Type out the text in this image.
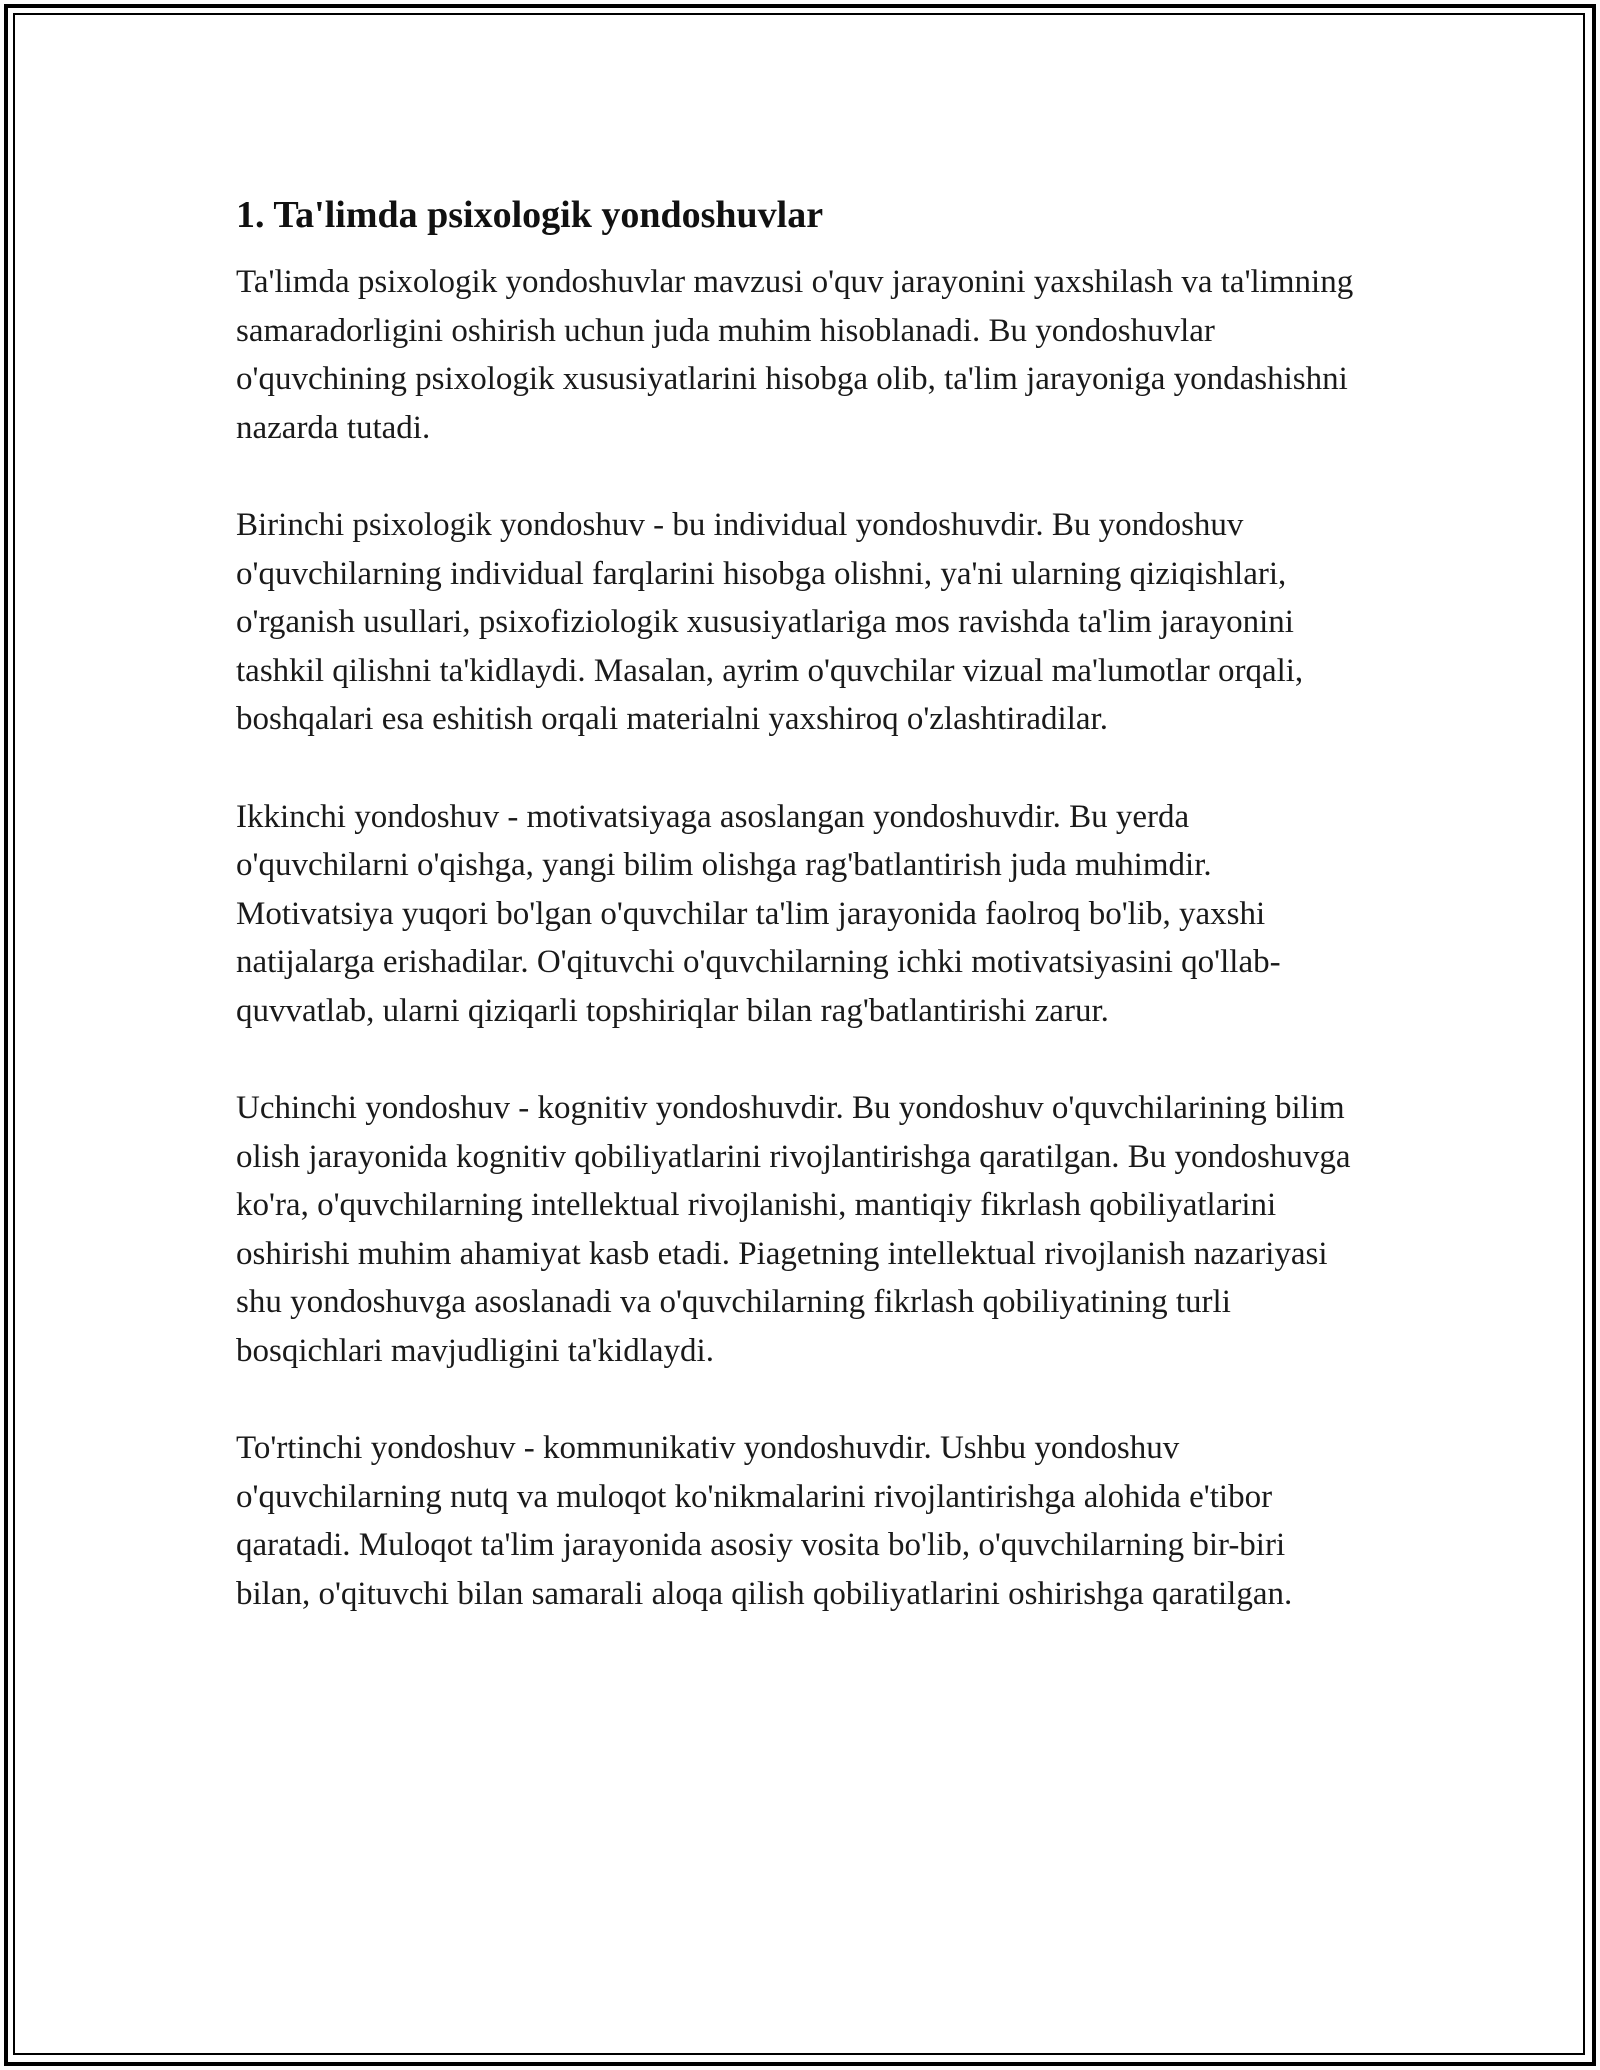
1. Ta'limda psixologik yondoshuvlar

Ta'limda psixologik yondoshuvlar mavzusi o'quv jarayonini yaxshilash va ta'limning samaradorligini oshirish uchun juda muhim hisoblanadi. Bu yondoshuvlar o'quvchining psixologik xususiyatlarini hisobga olib, ta'lim jarayoniga yondashishni nazarda tutadi.

Birinchi psixologik yondoshuv - bu individual yondoshuvdir. Bu yondoshuv o'quvchilarning individual farqlarini hisobga olishni, ya'ni ularning qiziqishlari, o'rganish usullari, psixofiziologik xususiyatlariga mos ravishda ta'lim jarayonini tashkil qilishni ta'kidlaydi. Masalan, ayrim o'quvchilar vizual ma'lumotlar orqali, boshqalari esa eshitish orqali materialni yaxshiroq o'zlashtiradilar.

Ikkinchi yondoshuv - motivatsiyaga asoslangan yondoshuvdir. Bu yerda o'quvchilarni o'qishga, yangi bilim olishga rag'batlantirish juda muhimdir. Motivatsiya yuqori bo'lgan o'quvchilar ta'lim jarayonida faolroq bo'lib, yaxshi natijalarga erishadilar. O'qituvchi o'quvchilarning ichki motivatsiyasini qo'llab-quvvatlab, ularni qiziqarli topshiriqlar bilan rag'batlantirishi zarur.

Uchinchi yondoshuv - kognitiv yondoshuvdir. Bu yondoshuv o'quvchilarining bilim olish jarayonida kognitiv qobiliyatlarini rivojlantirishga qaratilgan. Bu yondoshuvga ko'ra, o'quvchilarning intellektual rivojlanishi, mantiqiy fikrlash qobiliyatlarini oshirishi muhim ahamiyat kasb etadi. Piagetning intellektual rivojlanish nazariyasi shu yondoshuvga asoslanadi va o'quvchilarning fikrlash qobiliyatining turli bosqichlari mavjudligini ta'kidlaydi.

To'rtinchi yondoshuv - kommunikativ yondoshuvdir. Ushbu yondoshuv o'quvchilarning nutq va muloqot ko'nikmalarini rivojlantirishga alohida e'tibor qaratadi. Muloqot ta'lim jarayonida asosiy vosita bo'lib, o'quvchilarning bir-biri bilan, o'qituvchi bilan samarali aloqa qilish qobiliyatlarini oshirishga qaratilgan.
